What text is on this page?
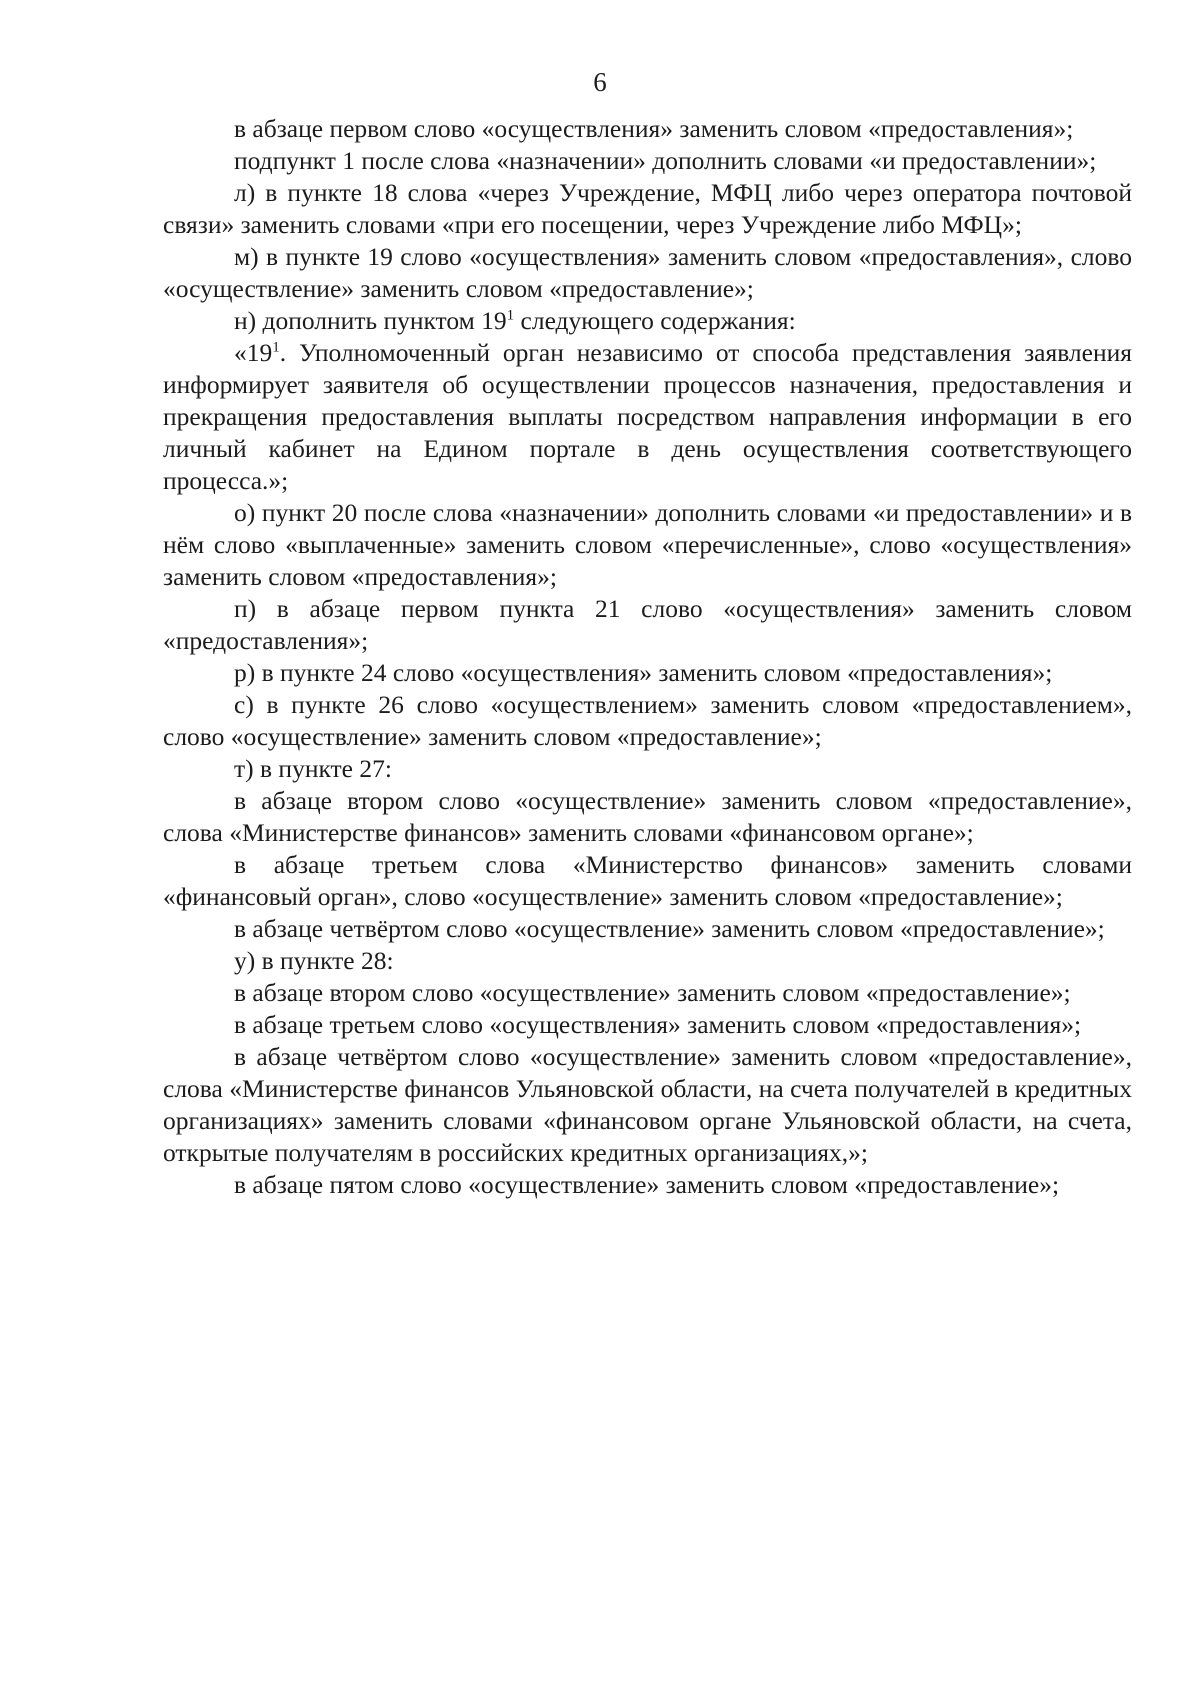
6

в абзаце первом слово «осуществления» заменить словом «предоставления»;

подпункт 1 после слова «назначении» дополнить словами «и предоставлении»;

л) в пункте 18 слова «через Учреждение, МФЦ либо через оператора почтовой связи» заменить словами «при его посещении, через Учреждение либо МФЦ»;

м) в пункте 19 слово «осуществления» заменить словом «предоставления», слово «осуществление» заменить словом «предоставление»;

н) дополнить пунктом $19^1$ следующего содержания:

«$19^1$. Уполномоченный орган независимо от способа представления заявления информирует заявителя об осуществлении процессов назначения, предоставления и прекращения предоставления выплаты посредством направления информации в его личный кабинет на Едином портале в день осуществления соответствующего процесса.»;

о) пункт 20 после слова «назначении» дополнить словами «и предоставлении» и в нём слово «выплаченные» заменить словом «перечисленные», слово «осуществления» заменить словом «предоставления»;

п) в абзаце первом пункта 21 слово «осуществления» заменить словом «предоставления»;

р) в пункте 24 слово «осуществления» заменить словом «предоставления»;

с) в пункте 26 слово «осуществлением» заменить словом «предоставлением», слово «осуществление» заменить словом «предоставление»;

т) в пункте 27:

в абзаце втором слово «осуществление» заменить словом «предоставление», слова «Министерстве финансов» заменить словами «финансовом органе»;

в абзаце третьем слова «Министерство финансов» заменить словами «финансовый орган», слово «осуществление» заменить словом «предоставление»;

в абзаце четвёртом слово «осуществление» заменить словом «предоставление»;

у) в пункте 28:

в абзаце втором слово «осуществление» заменить словом «предоставление»;

в абзаце третьем слово «осуществления» заменить словом «предоставления»;

в абзаце четвёртом слово «осуществление» заменить словом «предоставление», слова «Министерстве финансов Ульяновской области, на счета получателей в кредитных организациях» заменить словами «финансовом органе Ульяновской области, на счета, открытые получателям в российских кредитных организациях,»;

в абзаце пятом слово «осуществление» заменить словом «предоставление»;
